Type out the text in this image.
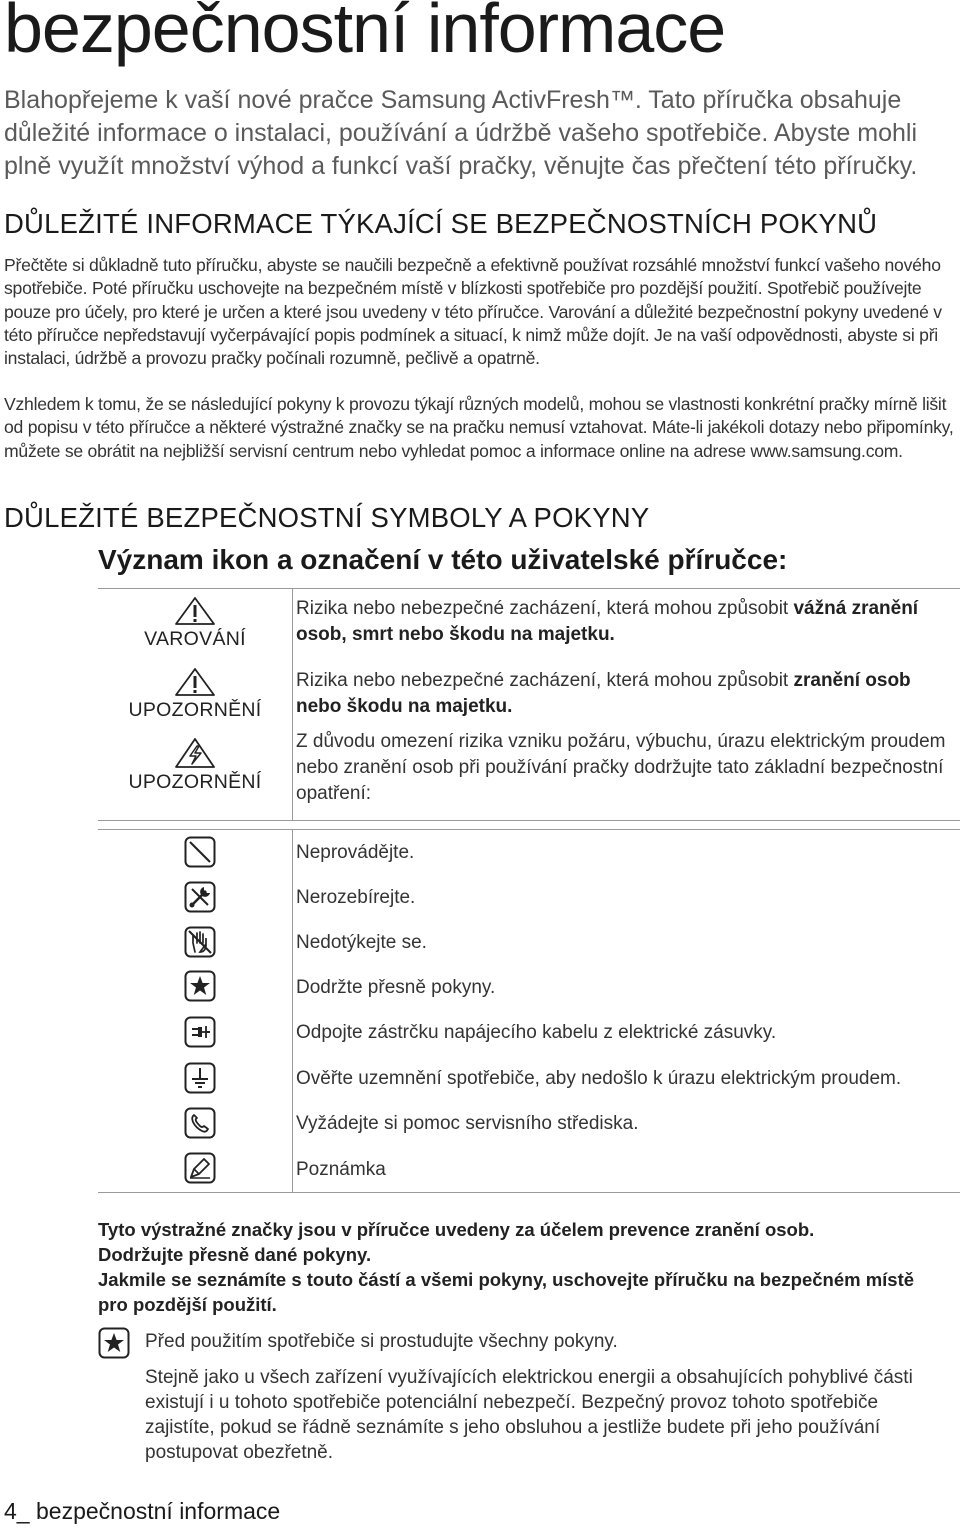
bezpečnostní informace

Blahopřejeme k vaší nové pračce Samsung ActivFresh™. Tato příručka obsahuje důležité informace o instalaci, používání a údržbě vašeho spotřebiče. Abyste mohli plně využít množství výhod a funkcí vaší pračky, věnujte čas přečtení této příručky.

DŮLEŽITÉ INFORMACE TÝKAJÍCÍ SE BEZPEČNOSTNÍCH POKYNŮ

Přečtěte si důkladně tuto příručku, abyste se naučili bezpečně a efektivně používat rozsáhlé množství funkcí vašeho nového spotřebiče. Poté příručku uschovejte na bezpečném místě v blízkosti spotřebiče pro pozdější použití. Spotřebič používejte pouze pro účely, pro které je určen a které jsou uvedeny v této příručce. Varování a důležité bezpečnostní pokyny uvedené v této příručce nepředstavují vyčerpávající popis podmínek a situací, k nimž může dojít. Je na vaší odpovědnosti, abyste si při instalaci, údržbě a provozu pračky počínali rozumně, pečlivě a opatrně.

Vzhledem k tomu, že se následující pokyny k provozu týkají různých modelů, mohou se vlastnosti konkrétní pračky mírně lišit od popisu v této příručce a některé výstražné značky se na pračku nemusí vztahovat. Máte-li jakékoli dotazy nebo připomínky, můžete se obrátit na nejbližší servisní centrum nebo vyhledat pomoc a informace online na adrese www.samsung.com.

DŮLEŽITÉ BEZPEČNOSTNÍ SYMBOLY A POKYNY
Význam ikon a označení v této uživatelské příručce:
VAROVÁNÍ

Rizika nebo nebezpečné zacházení, která mohou způsobit vážná zranění osob, smrt nebo škodu na majetku.

UPOZORNĚNÍ

Rizika nebo nebezpečné zacházení, která mohou způsobit zranění osob nebo škodu na majetku.

UPOZORNĚNÍ

Z důvodu omezení rizika vzniku požáru, výbuchu, úrazu elektrickým proudem nebo zranění osob při používání pračky dodržujte tato základní bezpečnostní opatření:

Neprovádějte.
Nerozebírejte.
Nedotýkejte se.
Dodržte přesně pokyny.
Odpojte zástrčku napájecího kabelu z elektrické zásuvky.
Ověřte uzemnění spotřebiče, aby nedošlo k úrazu elektrickým proudem.
Vyžádejte si pomoc servisního střediska.
Poznámka

Tyto výstražné značky jsou v příručce uvedeny za účelem prevence zranění osob.
Dodržujte přesně dané pokyny.
Jakmile se seznámíte s touto částí a všemi pokyny, uschovejte příručku na bezpečném místě pro pozdější použití.

Před použitím spotřebiče si prostudujte všechny pokyny.

Stejně jako u všech zařízení využívajících elektrickou energii a obsahujících pohyblivé části existují i u tohoto spotřebiče potenciální nebezpečí. Bezpečný provoz tohoto spotřebiče zajistíte, pokud se řádně seznámíte s jeho obsluhou a jestliže budete při jeho používání postupovat obezřetně.

4_ bezpečnostní informace
